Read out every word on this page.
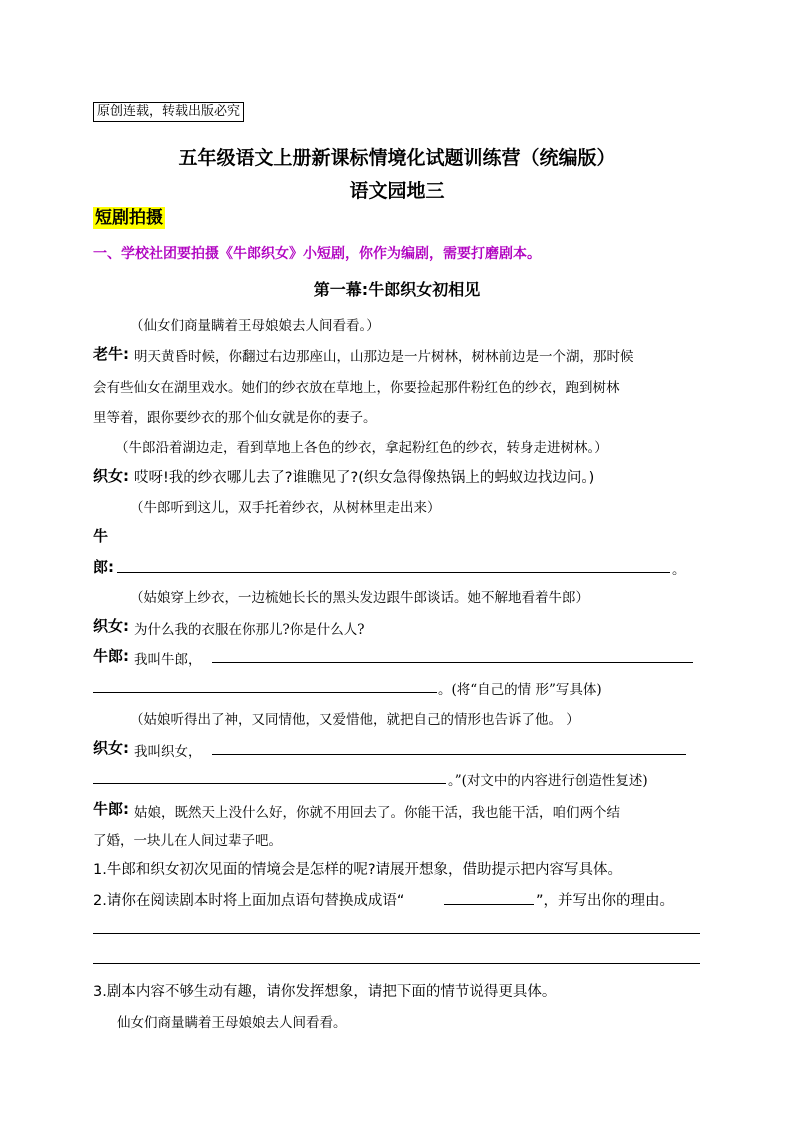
原创连载，转载出版必究
五年级语文上册新课标情境化试题训练营（统编版）
语文园地三
短剧拍摄
一、学校社团要拍摄《牛郎织女》小短剧，你作为编剧，需要打磨剧本。
第一幕:牛郎织女初相见
（仙女们商量瞒着王母娘娘去人间看看。）
老牛: 明天黄昏时候，你翻过右边那座山，山那边是一片树林，树林前边是一个湖，那时候
会有些仙女在湖里戏水。她们的纱衣放在草地上，你要捡起那件粉红色的纱衣，跑到树林
里等着，跟你要纱衣的那个仙女就是你的妻子。
（牛郎沿着湖边走，看到草地上各色的纱衣，拿起粉红色的纱衣，转身走进树林。）
织女: 哎呀!我的纱衣哪儿去了?谁瞧见了?(织女急得像热锅上的蚂蚁边找边问。)
（牛郎听到这儿，双手托着纱衣，从树林里走出来）
牛
郎:	。
（姑娘穿上纱衣，一边梳她长长的黑头发边跟牛郎谈话。她不解地看着牛郎）
织女: 为什么我的衣服在你那儿?你是什么人?
牛郎: 我叫牛郎，
。(将“自己的情 形”写具体)
（姑娘听得出了神，又同情他，又爱惜他，就把自己的情形也告诉了他。 ）
织女: 我叫织女，
。”(对文中的内容进行创造性复述)
牛郎: 姑娘，既然天上没什么好，你就不用回去了。你能干活，我也能干活，咱们两个结
了婚，一块儿在人间过辈子吧。
1.牛郎和织女初次见面的情境会是怎样的呢?请展开想象，借助提示把内容写具体。
2.请你在阅读剧本时将上面加点语句替换成成语“	”，并写出你的理由。
3.剧本内容不够生动有趣，请你发挥想象，请把下面的情节说得更具体。
仙女们商量瞒着王母娘娘去人间看看。
